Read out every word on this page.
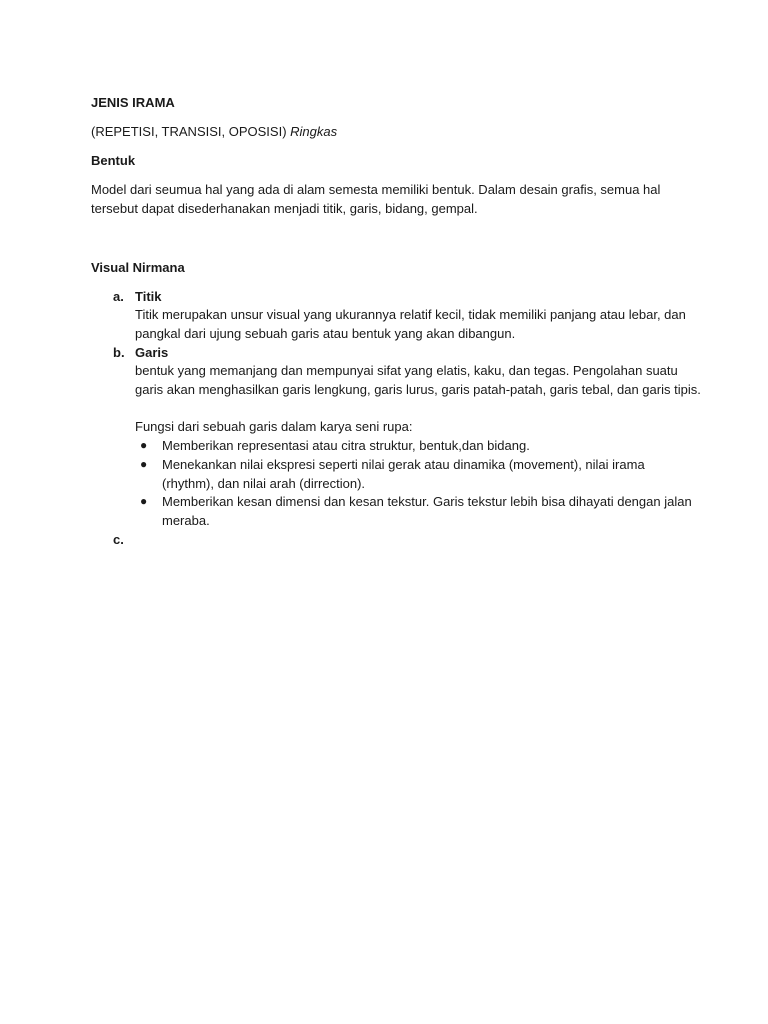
JENIS IRAMA
(REPETISI, TRANSISI, OPOSISI) Ringkas
Bentuk
Model dari seumua hal yang ada di alam semesta memiliki bentuk. Dalam desain grafis, semua hal
tersebut dapat disederhanakan menjadi titik, garis, bidang, gempal.
Visual Nirmana
a. Titik
Titik merupakan unsur visual yang ukurannya relatif kecil, tidak memiliki panjang atau lebar, dan
pangkal dari ujung sebuah garis atau bentuk yang akan dibangun.
b. Garis
bentuk yang memanjang dan mempunyai sifat yang elatis, kaku, dan tegas. Pengolahan suatu
garis akan menghasilkan garis lengkung, garis lurus, garis patah-patah, garis tebal, dan garis tipis.
Fungsi dari sebuah garis dalam karya seni rupa:
● Memberikan representasi atau citra struktur, bentuk,dan bidang.
● Menekankan nilai ekspresi seperti nilai gerak atau dinamika (movement), nilai irama
(rhythm), dan nilai arah (dirrection).
● Memberikan kesan dimensi dan kesan tekstur. Garis tekstur lebih bisa dihayati dengan jalan
meraba.
c.
